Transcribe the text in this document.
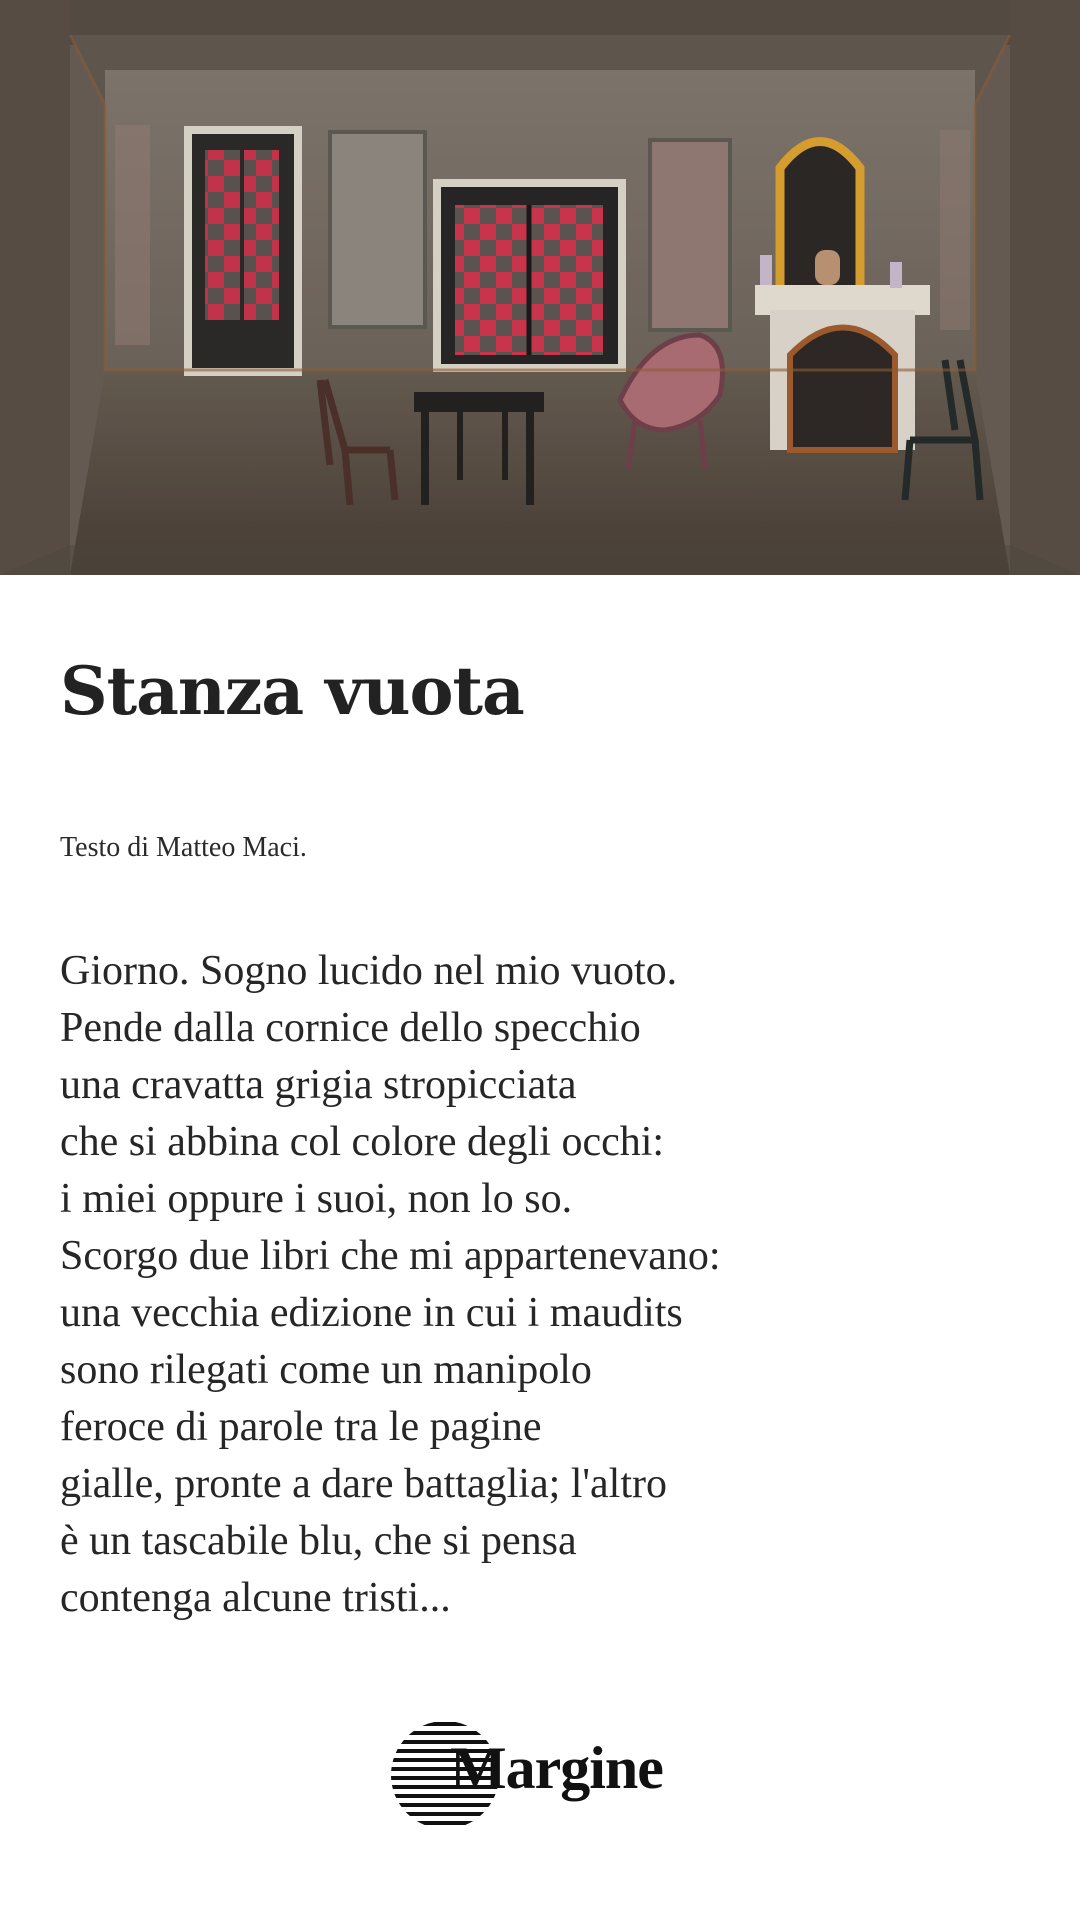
Stanza vuota

Testo di Matteo Maci.

Giorno. Sogno lucido nel mio vuoto.
Pende dalla cornice dello specchio
una cravatta grigia stropicciata
che si abbina col colore degli occhi:
i miei oppure i suoi, non lo so.
Scorgo due libri che mi appartenevano:
una vecchia edizione in cui i maudits
sono rilegati come un manipolo
feroce di parole tra le pagine
gialle, pronte a dare battaglia; l'altro
è un tascabile blu, che si pensa
contenga alcune tristi...
Margine
